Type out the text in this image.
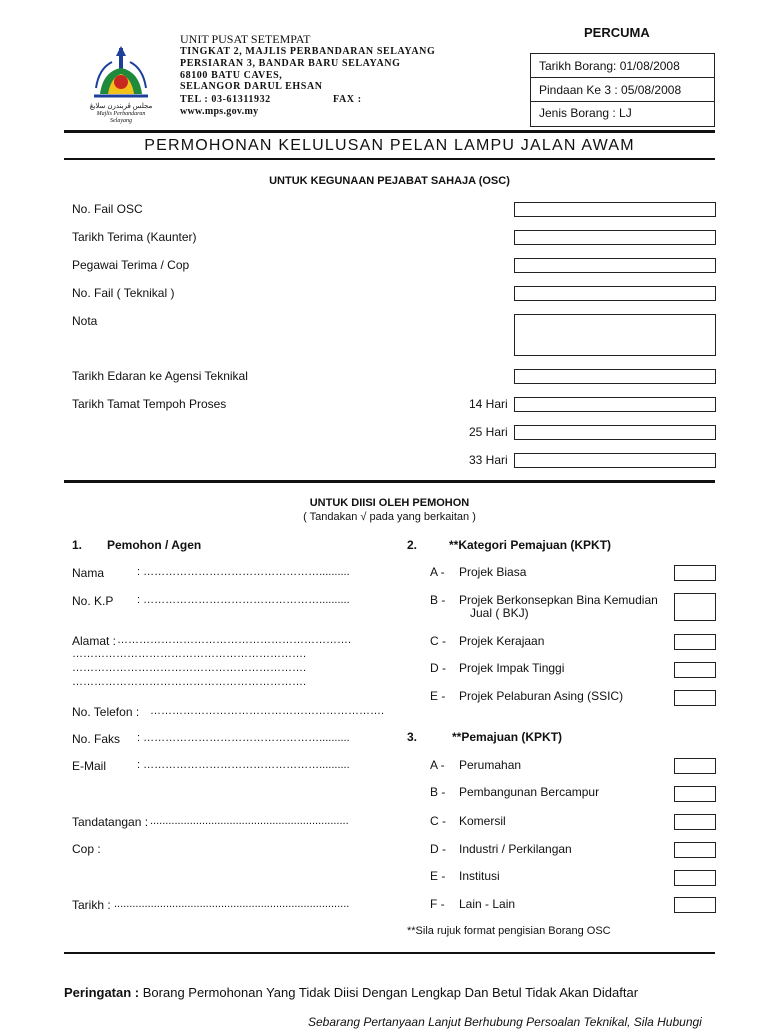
مجلس ڤربندرن سلايڠ
Majlis Perbandaran Selayang
UNIT PUSAT SETEMPAT
TINGKAT 2, MAJLIS PERBANDARAN SELAYANG
PERSIARAN 3, BANDAR BARU SELAYANG
68100 BATU CAVES,
SELANGOR DARUL EHSAN
TEL : 03-61311932	FAX :
www.mps.gov.my
PERCUMA
Tarikh Borang: 01/08/2008
Pindaan Ke 3 : 05/08/2008
Jenis Borang : LJ
PERMOHONAN KELULUSAN PELAN LAMPU JALAN AWAM
UNTUK KEGUNAAN PEJABAT SAHAJA (OSC)
No. Fail OSC
Tarikh Terima (Kaunter)
Pegawai Terima / Cop
No. Fail ( Teknikal )
Nota
Tarikh Edaran ke Agensi Teknikal
Tarikh Tamat Tempoh Proses	14 Hari
25 Hari
33 Hari
UNTUK DIISI OLEH PEMOHON
( Tandakan √ pada yang berkaitan )
1. Pemohon / Agen
Nama	: …………………………………………..........
No. K.P : …………………………………………..........
Alamat : ……………………………………………………….
……………………………………………………….
……………………………………………………….
……………………………………………………….
No. Telefon : ……………………………………………………….
No. Faks : …………………………………………..........
E-Mail	: …………………………………………..........
Tandatangan : .................................................................
Cop :
Tarikh : .............................................................................
2.	**Kategori Pemajuan (KPKT)
A - Projek Biasa
B - Projek Berkonsepkan Bina Kemudian
Jual ( BKJ)
C - Projek Kerajaan
D - Projek Impak Tinggi
E - Projek Pelaburan Asing (SSIC)
3.	**Pemajuan (KPKT)
A - Perumahan
B - Pembangunan Bercampur
C - Komersil
D - Industri / Perkilangan
E - Institusi
F - Lain - Lain
**Sila rujuk format pengisian Borang OSC
Peringatan : Borang Permohonan Yang Tidak Diisi Dengan Lengkap Dan Betul Tidak Akan Didaftar
Sebarang Pertanyaan Lanjut Berhubung Persoalan Teknikal, Sila Hubungi
